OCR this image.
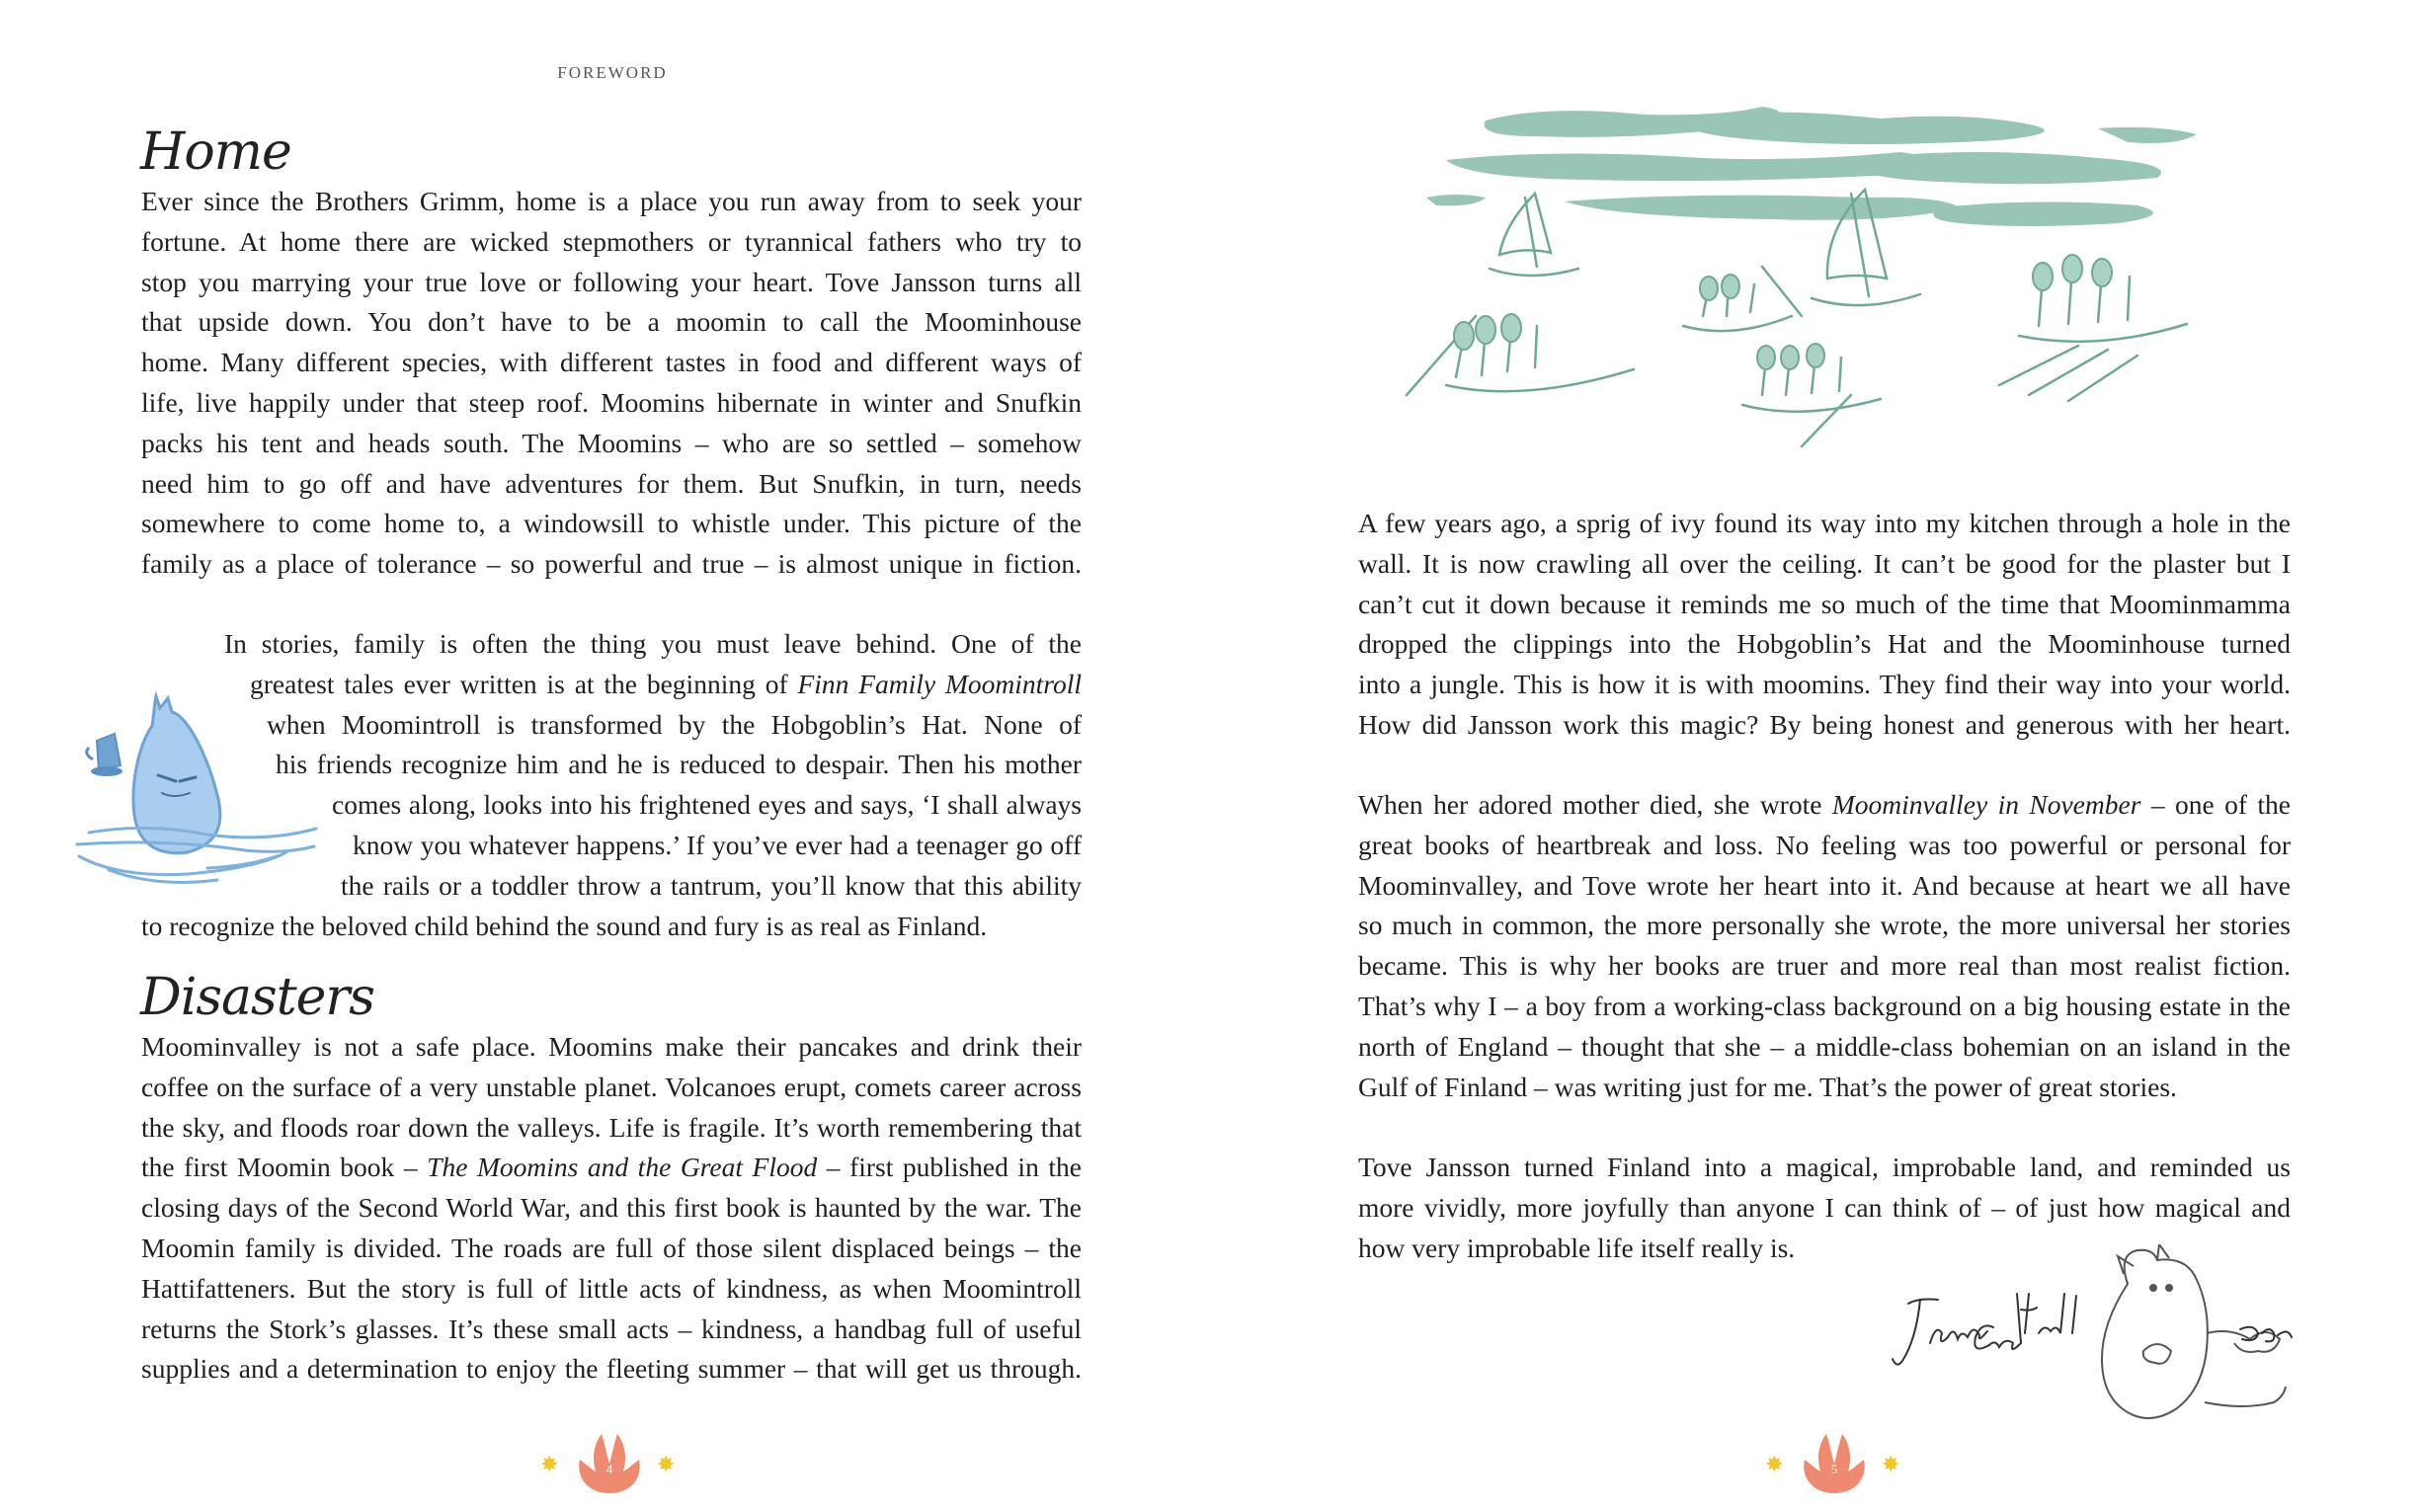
FOREWORD
Home

Ever since the Brothers Grimm, home is a place you run away from to seek your
fortune. At home there are wicked stepmothers or tyrannical fathers who try to
stop you marrying your true love or following your heart. Tove Jansson turns all
that upside down. You don’t have to be a moomin to call the Moominhouse
home. Many different species, with different tastes in food and different ways of
life, live happily under that steep roof. Moomins hibernate in winter and Snufkin
packs his tent and heads south. The Moomins – who are so settled – somehow
need him to go off and have adventures for them. But Snufkin, in turn, needs
somewhere to come home to, a windowsill to whistle under. This picture of the
family as a place of tolerance – so powerful and true – is almost unique in fiction.

In stories, family is often the thing you must leave behind. One of the
greatest tales ever written is at the beginning of Finn Family Moomintroll
when Moomintroll is transformed by the Hobgoblin’s Hat. None of
his friends recognize him and he is reduced to despair. Then his mother
comes along, looks into his frightened eyes and says, ‘I shall always
know you whatever happens.’ If you’ve ever had a teenager go off
the rails or a toddler throw a tantrum, you’ll know that this ability
to recognize the beloved child behind the sound and fury is as real as Finland.

Disasters

Moominvalley is not a safe place. Moomins make their pancakes and drink their
coffee on the surface of a very unstable planet. Volcanoes erupt, comets career across
the sky, and floods roar down the valleys. Life is fragile. It’s worth remembering that
the first Moomin book – The Moomins and the Great Flood – first published in the
closing days of the Second World War, and this first book is haunted by the war. The
Moomin family is divided. The roads are full of those silent displaced beings – the
Hattifatteners. But the story is full of little acts of kindness, as when Moomintroll
returns the Stork’s glasses. It’s these small acts – kindness, a handbag full of useful
supplies and a determination to enjoy the fleeting summer – that will get us through.

✸	4	✸

A few years ago, a sprig of ivy found its way into my kitchen through a hole in the
wall. It is now crawling all over the ceiling. It can’t be good for the plaster but I
can’t cut it down because it reminds me so much of the time that Moominmamma
dropped the clippings into the Hobgoblin’s Hat and the Moominhouse turned
into a jungle. This is how it is with moomins. They find their way into your world.
How did Jansson work this magic? By being honest and generous with her heart.

When her adored mother died, she wrote Moominvalley in November – one of the
great books of heartbreak and loss. No feeling was too powerful or personal for
Moominvalley, and Tove wrote her heart into it. And because at heart we all have
so much in common, the more personally she wrote, the more universal her stories
became. This is why her books are truer and more real than most realist fiction.
That’s why I – a boy from a working-class background on a big housing estate in the
north of England – thought that she – a middle-class bohemian on an island in the
Gulf of Finland – was writing just for me. That’s the power of great stories.

Tove Jansson turned Finland into a magical, improbable land, and reminded us
more vividly, more joyfully than anyone I can think of – of just how magical and
how very improbable life itself really is.

✸	5	✸
